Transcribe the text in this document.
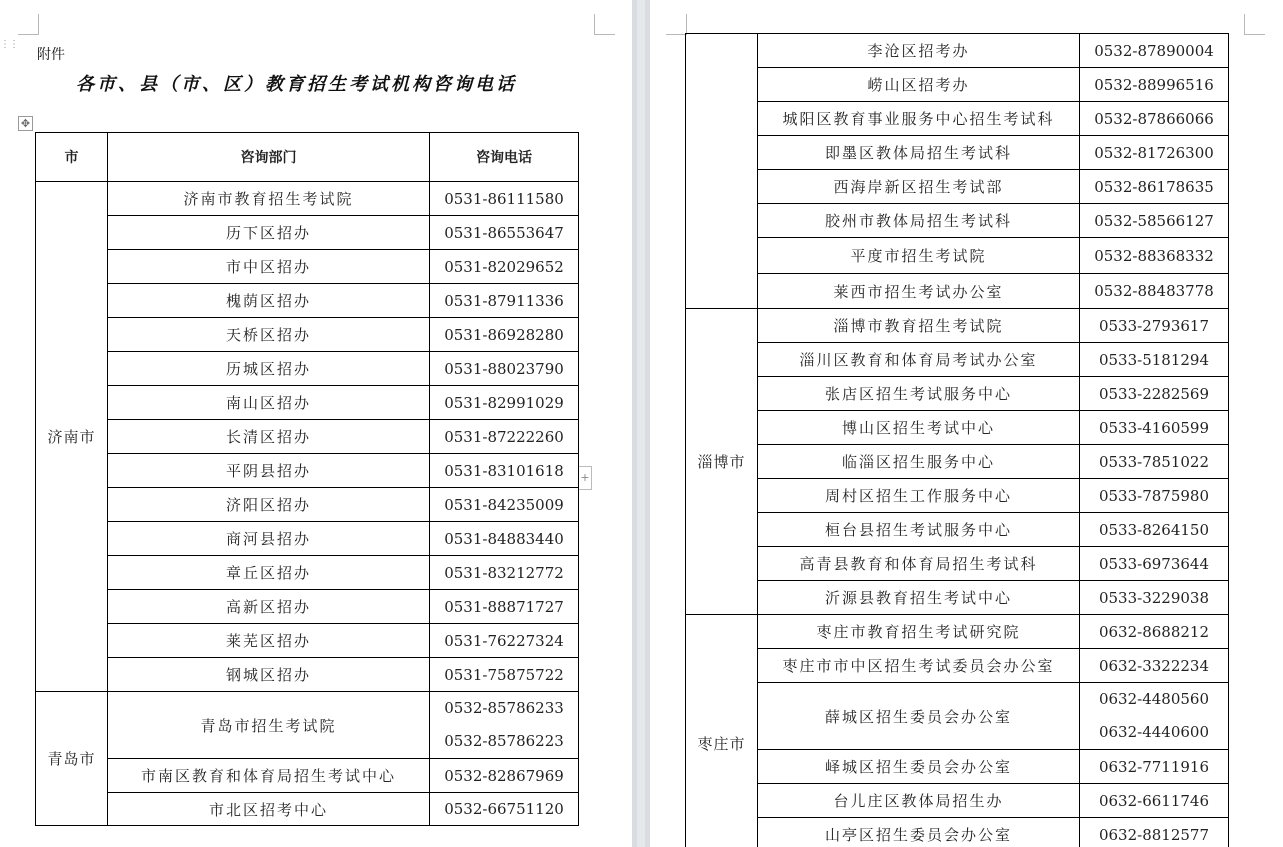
⋮⋮
附件
各市、县（市、区）教育招生考试机构咨询电话
✥
+
市	咨询部门	咨询电话
济南市	济南市教育招生考试院	0531-86111580
	历下区招办	0531-86553647
	市中区招办	0531-82029652
	槐荫区招办	0531-87911336
	天桥区招办	0531-86928280
	历城区招办	0531-88023790
	南山区招办	0531-82991029
	长清区招办	0531-87222260
	平阴县招办	0531-83101618
	济阳区招办	0531-84235009
	商河县招办	0531-84883440
	章丘区招办	0531-83212772
	高新区招办	0531-88871727
	莱芜区招办	0531-76227324
	钢城区招办	0531-75875722
青岛市	青岛市招生考试院	0532-85786233
0532-85786223

	市南区教育和体育局招生考试中心	0532-82867969
	市北区招考中心	0532-66751120
	李沧区招考办	0532-87890004
	崂山区招考办	0532-88996516
	城阳区教育事业服务中心招生考试科	0532-87866066
	即墨区教体局招生考试科	0532-81726300
	西海岸新区招生考试部	0532-86178635
	胶州市教体局招生考试科	0532-58566127
	平度市招生考试院	0532-88368332
	莱西市招生考试办公室	0532-88483778
淄博市	淄博市教育招生考试院	0533-2793617
	淄川区教育和体育局考试办公室	0533-5181294
	张店区招生考试服务中心	0533-2282569
	博山区招生考试中心	0533-4160599
	临淄区招生服务中心	0533-7851022
	周村区招生工作服务中心	0533-7875980
	桓台县招生考试服务中心	0533-8264150
	高青县教育和体育局招生考试科	0533-6973644
	沂源县教育招生考试中心	0533-3229038
枣庄市	枣庄市教育招生考试研究院	0632-8688212
	枣庄市市中区招生考试委员会办公室	0632-3322234
	薛城区招生委员会办公室	0632-4480560
0632-4440600

	峄城区招生委员会办公室	0632-7711916
	台儿庄区教体局招生办	0632-6611746
	山亭区招生委员会办公室	0632-8812577
